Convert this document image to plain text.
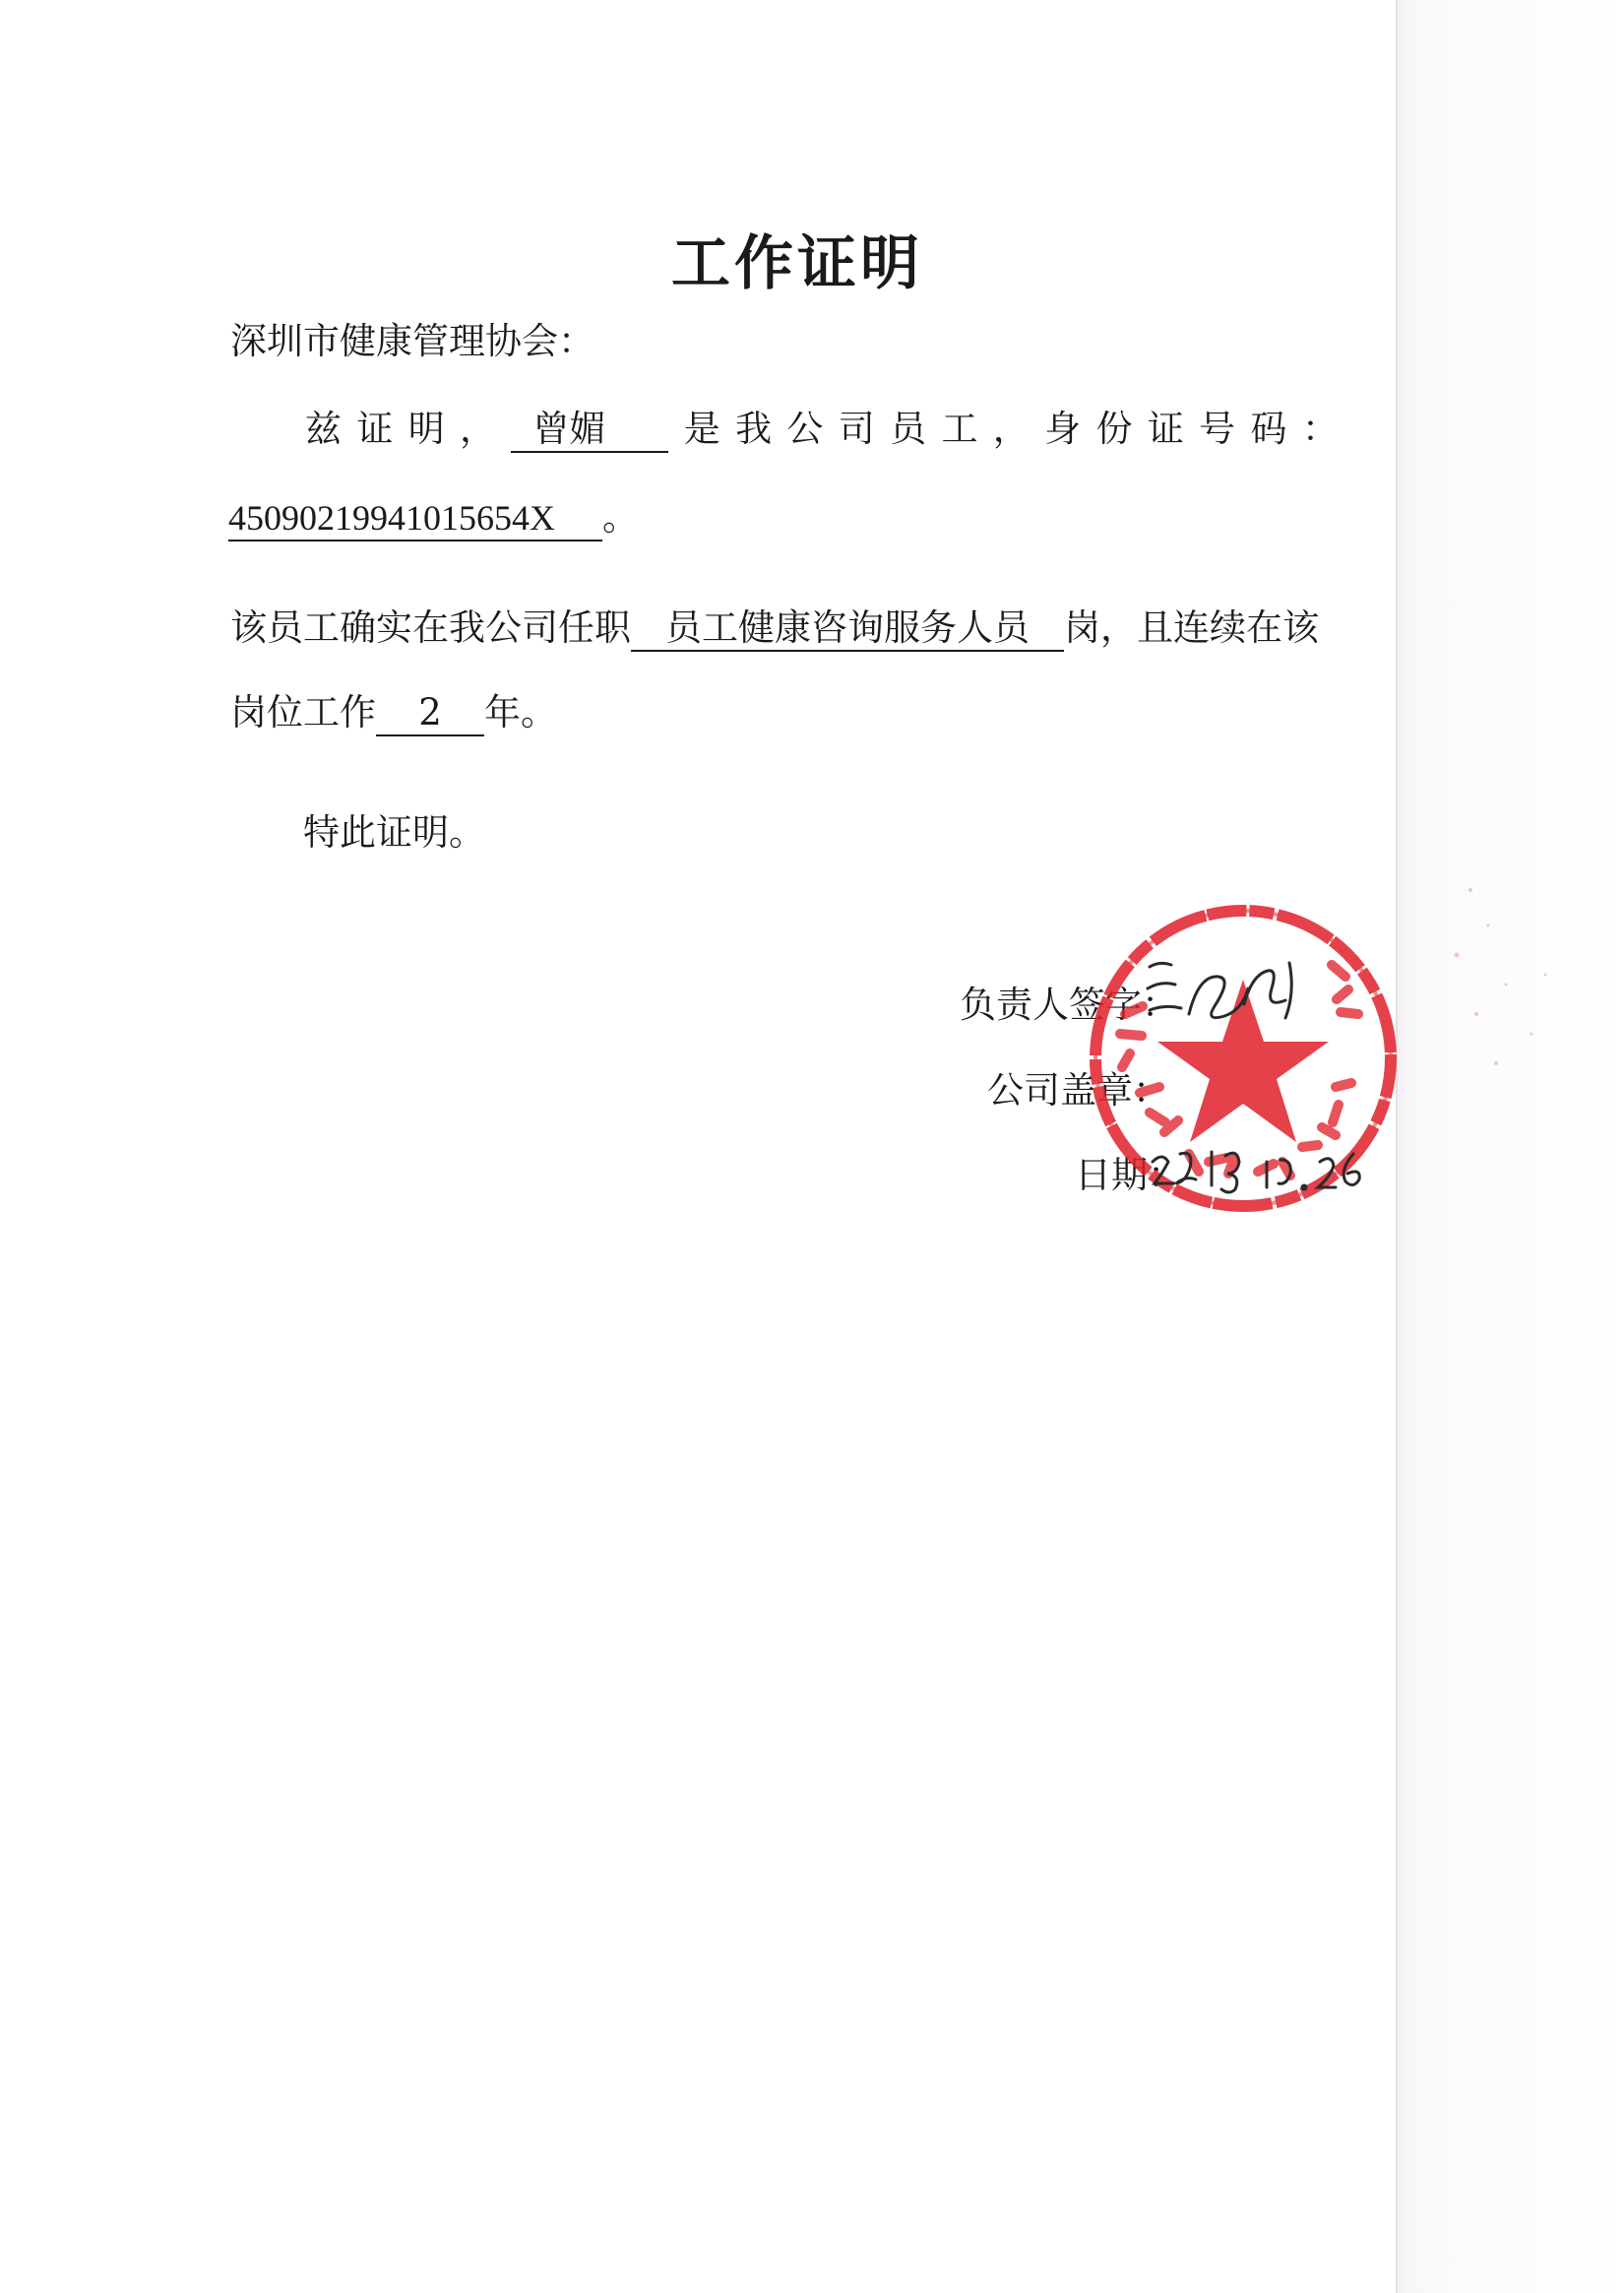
工作证明
深圳市健康管理协会：
兹 证 明 ，	曾媚	是 我 公 司 员 工 ， 身 份 证 号 码 ：
45090219941015654X 。
该员工确实在我公司任职 员工健康咨询服务人员 岗，且连续在该
岗位工作 2 年。
特此证明。
负责人签字：
公司盖章：
日期：
